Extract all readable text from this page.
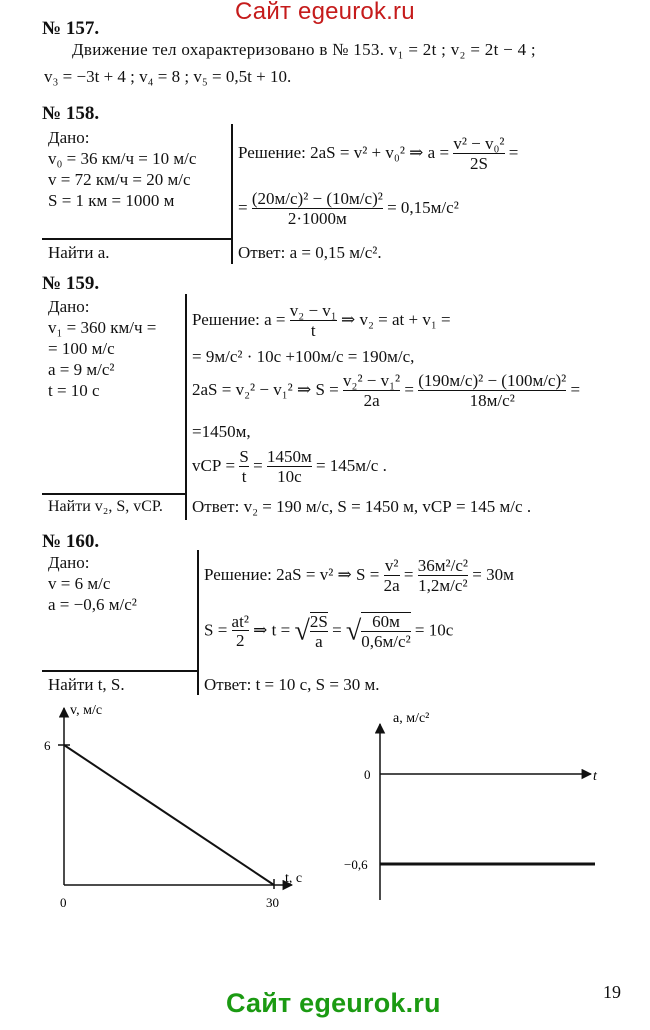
Сайт egeurok.ru
Сайт egeurok.ru	19
№ 157.
Движение тел охарактеризовано в № 153. v₁ = 2t ; v₂ = 2t − 4 ;
v₃ = −3t + 4 ; v₄ = 8 ; v₅ = 0,5t + 10.
№ 158.
Дано:
v₀ = 36 км/ч = 10 м/с
v = 72 км/ч = 20 м/с
S = 1 км = 1000 м
Найти a.
Решение: 2aS = v² + v₀² ⇒ $a = \frac{\text{v² − v₀²}}{2S}$ =
= $\frac{\text{(20м/с)² − (10м/с)²}}{2\cdot 1000м} = 0,15м/с^2$
Ответ: a = 0,15 м/с².
№ 159.
Дано:
v₁ = 360 км/ч =
= 100 м/с
a = 9 м/с²
t = 10 с
Найти v₂, S, vСР.
Решение: $a = \frac{\text{v₂ − v₁}}{t}$ ⇒ v₂ = at + v₁ =
= 9м/с² · 10с +100м/с = 190м/с,
2aS = v₂² − v₁² ⇒ $S = \frac{\text{v₂² − v₁²}}{2a} = \frac{\text{(190м/с)² − (100м/с)²}}{\text{18м/с²}}$ =
=1450м,
vСР = $\frac{S}{t} = \frac{1450м}{10с} = 145м/с$ .
Ответ: v₂ = 190 м/с, S = 1450 м, vСР = 145 м/с .
№ 160.
Дано:
v = 6 м/с
a = −0,6 м/с²
Найти t, S.
Решение: 2aS = v² ⇒ $S = \frac{\text{v²}}{2a} = \frac{\text{36м²/с²}}{\text{1,2м/с²}} = 30м$
$S = \frac{\text{at²}}{2}$ ⇒ t = √ $\frac{2S}{a}$ = √ $\frac{60м}{\text{0,6м/с²}} = 10с$
Ответ: t = 10 с, S = 30 м.
v, м/с
t, с
6
0	30
a, м/с²
t
0
−0,6
